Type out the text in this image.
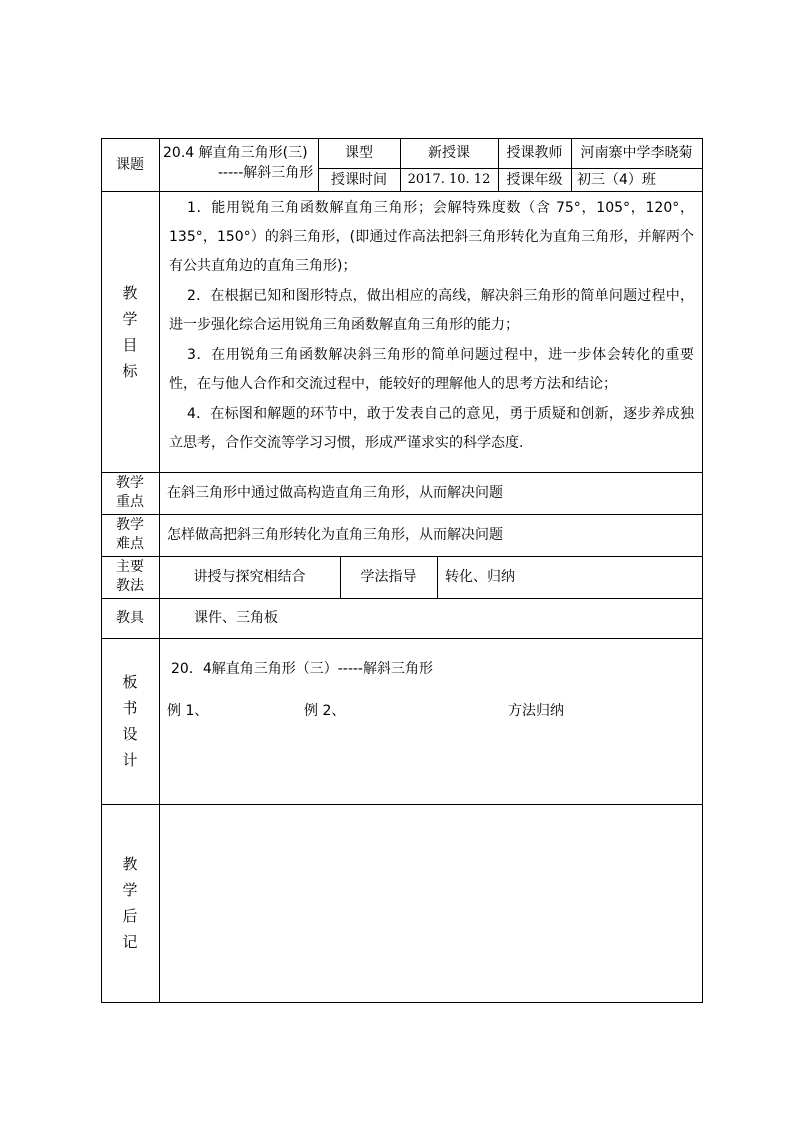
课题
20.4 解直角三角形(三)
-----解斜三角形
课型	新授课	授课教师 河南寨中学李晓菊
授课时间 2017. 10. 12 授课年级	初三（4）班
教
学
目
标

1．能用锐角三角函数解直角三角形；会解特殊度数（含 75°，105°，120°，135°，150°）的斜三角形，(即通过作高法把斜三角形转化为直角三角形，并解两个有公共直角边的直角三角形)；

2．在根据已知和图形特点，做出相应的高线，解决斜三角形的简单问题过程中，进一步强化综合运用锐角三角函数解直角三角形的能力；

3．在用锐角三角函数解决斜三角形的简单问题过程中，进一步体会转化的重要性，在与他人合作和交流过程中，能较好的理解他人的思考方法和结论；

4．在标图和解题的环节中，敢于发表自己的意见，勇于质疑和创新，逐步养成独立思考，合作交流等学习习惯，形成严谨求实的科学态度.

教学
重点
在斜三角形中通过做高构造直角三角形，从而解决问题
教学
难点
怎样做高把斜三角形转化为直角三角形，从而解决问题
主要
教法
讲授与探究相结合	学法指导	转化、归纳
教具	课件、三角板
板
书
设
计
20．4解直角三角形（三）-----解斜三角形
例 1、	例 2、	方法归纳
教
学
后
记
